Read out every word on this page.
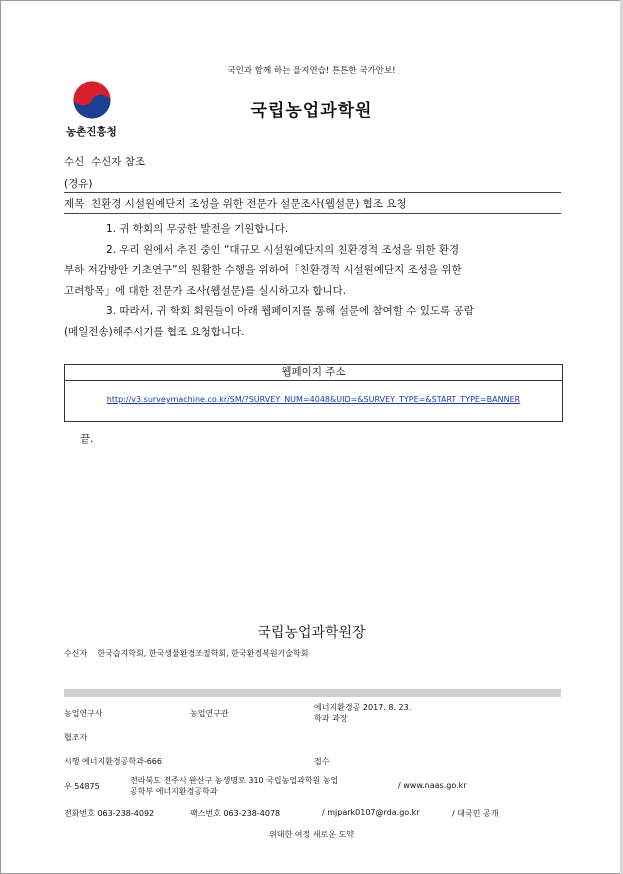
국민과 함께 하는 을지연습! 튼튼한 국가안보!
농촌진흥청
국립농업과학원
수신 수신자 참조
(경유)
제목 친환경 시설원예단지 조성을 위한 전문가 설문조사(웹설문) 협조 요청

1. 귀 학회의 무궁한 발전을 기원합니다.

2. 우리 원에서 추진 중인 “대규모 시설원예단지의 친환경적 조성을 위한 환경

부하 저감방안 기초연구”의 원활한 수행을 위하여「친환경적 시설원예단지 조성을 위한

고려항목」에 대한 전문가 조사(웹설문)를 실시하고자 합니다.

3. 따라서, 귀 학회 회원들이 아래 웹페이지를 통해 설문에 참여할 수 있도록 공람

(메일전송)해주시기를 협조 요청합니다.

웹페이지 주소
http://v3.surveymachine.co.kr/SM/?SURVEY_NUM=4048&UID=&SURVEY_TYPE=&START_TYPE=BANNER
끝.
국립농업과학원장
수신자 한국습지학회, 한국생물환경조절학회, 한국환경복원기술학회
농업연구사	농업연구관
에너지환경공 2017. 8. 23.
학과 과장
협조자
시행 에너지환경공학과-666	접수
우 54875
전라북도 전주시 완산구 농생명로 310 국립농업과학원 농업
공학부 에너지환경공학과
/ www.naas.go.kr
전화번호 063-238-4092	팩스번호 063-238-4078	/ mjpark0107@rda.go.kr	/ 대국민 공개
위대한 여정 새로운 도약
